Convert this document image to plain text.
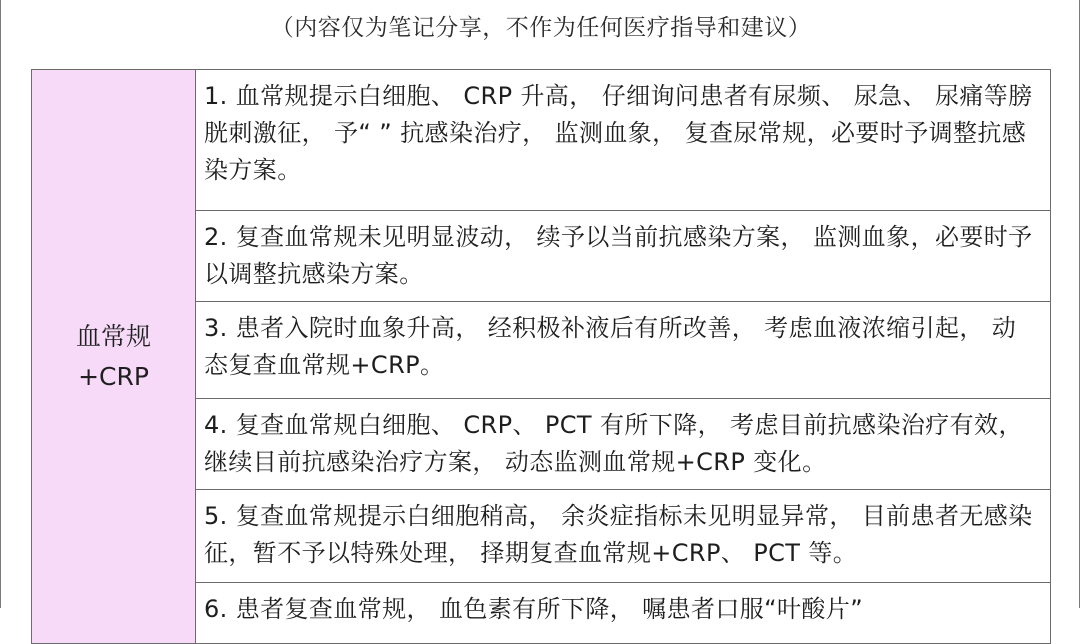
（内容仅为笔记分享，不作为任何医疗指导和建议）
血常规
+CRP

1. 血常规提示白细胞、 CRP 升高， 仔细询问患者有尿频、 尿急、 尿痛等膀胱刺激征， 予“ ” 抗感染治疗， 监测血象， 复查尿常规，必要时予调整抗感染方案。

2. 复查血常规未见明显波动， 续予以当前抗感染方案， 监测血象，必要时予以调整抗感染方案。

3. 患者入院时血象升高， 经积极补液后有所改善， 考虑血液浓缩引起， 动态复查血常规+CRP。

4. 复查血常规白细胞、 CRP、 PCT 有所下降， 考虑目前抗感染治疗有效， 继续目前抗感染治疗方案， 动态监测血常规+CRP 变化。

5. 复查血常规提示白细胞稍高， 余炎症指标未见明显异常， 目前患者无感染征，暂不予以特殊处理， 择期复查血常规+CRP、 PCT 等。

6. 患者复查血常规， 血色素有所下降， 嘱患者口服“叶酸片”
